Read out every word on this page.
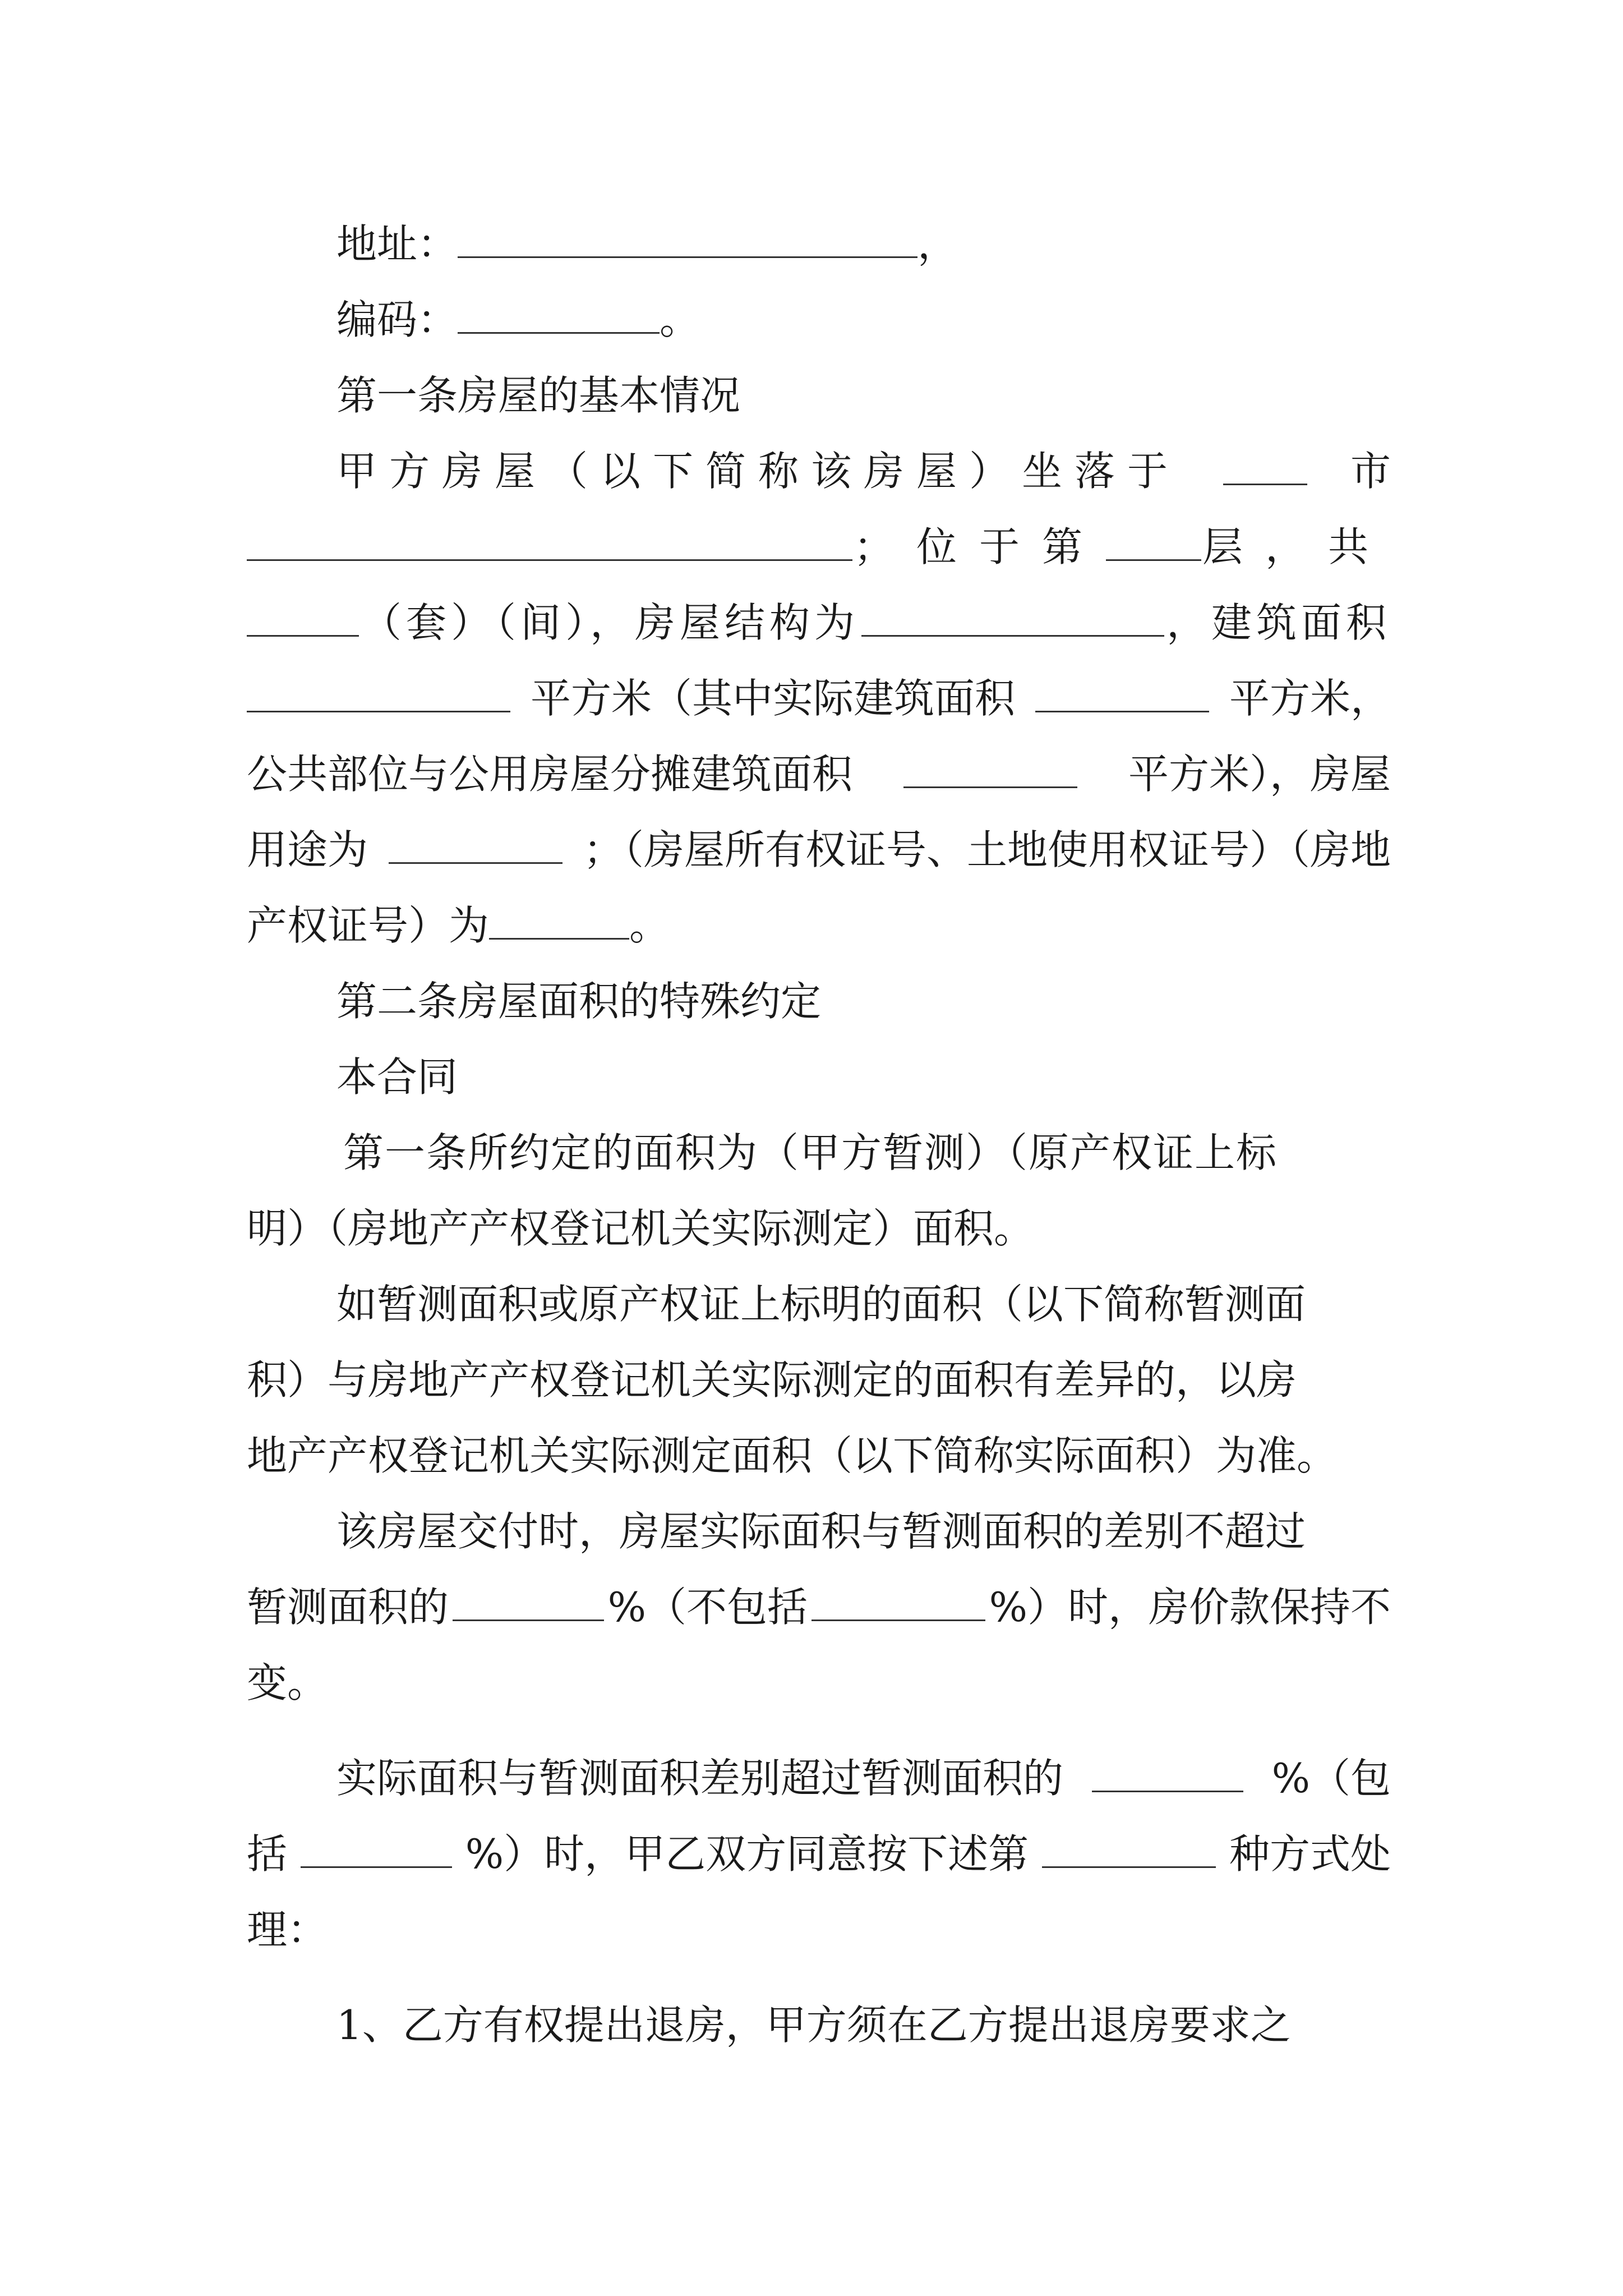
地址：	，
编码：	。
第一条房屋的基本情况
甲方房屋（以下简称该房屋）坐落于	市
；位于第 层，共
（套）（间），房屋结构为	，建筑面积
平方米（其中实际建筑面积	平方米，
公共部位与公用房屋分摊建筑面积	平方米），房屋
用途为	；（房屋所有权证号、土地使用权证号）（房地
产权证号）为	。
第二条房屋面积的特殊约定
本合同
第一条所约定的面积为（甲方暂测）（原产权证上标
明）（房地产产权登记机关实际测定）面积。
如暂测面积或原产权证上标明的面积（以下简称暂测面
积）与房地产产权登记机关实际测定的面积有差异的，以房
地产产权登记机关实际测定面积（以下简称实际面积）为准。
该房屋交付时，房屋实际面积与暂测面积的差别不超过
暂测面积的	%（不包括	%）时，房价款保持不
变。
实际面积与暂测面积差别超过暂测面积的	%（包
括	%）时，甲乙双方同意按下述第	种方式处
理：
1、乙方有权提出退房，甲方须在乙方提出退房要求之
